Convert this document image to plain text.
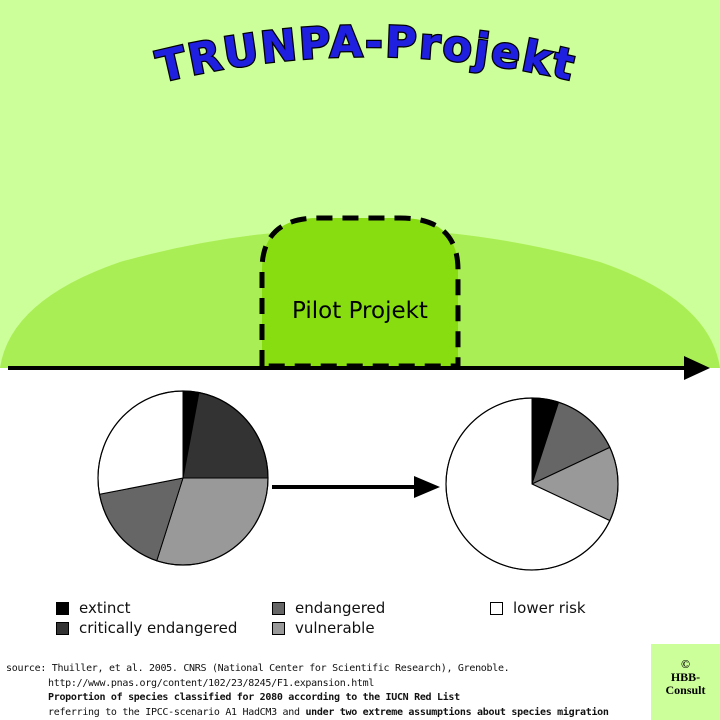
Pilot Projekt
TRUNPA-Projekt
extinct
critically endangered
endangered
vulnerable
lower risk
source: Thuiller, et al. 2005. CNRS (National Center for Scientific Research), Grenoble.
http://www.pnas.org/content/102/23/8245/F1.expansion.html
Proportion of species classified for 2080 according to the IUCN Red List
referring to the IPCC-scenario A1 HadCM3 and under two extreme assumptions about species migration
©
HBB-
Consult
